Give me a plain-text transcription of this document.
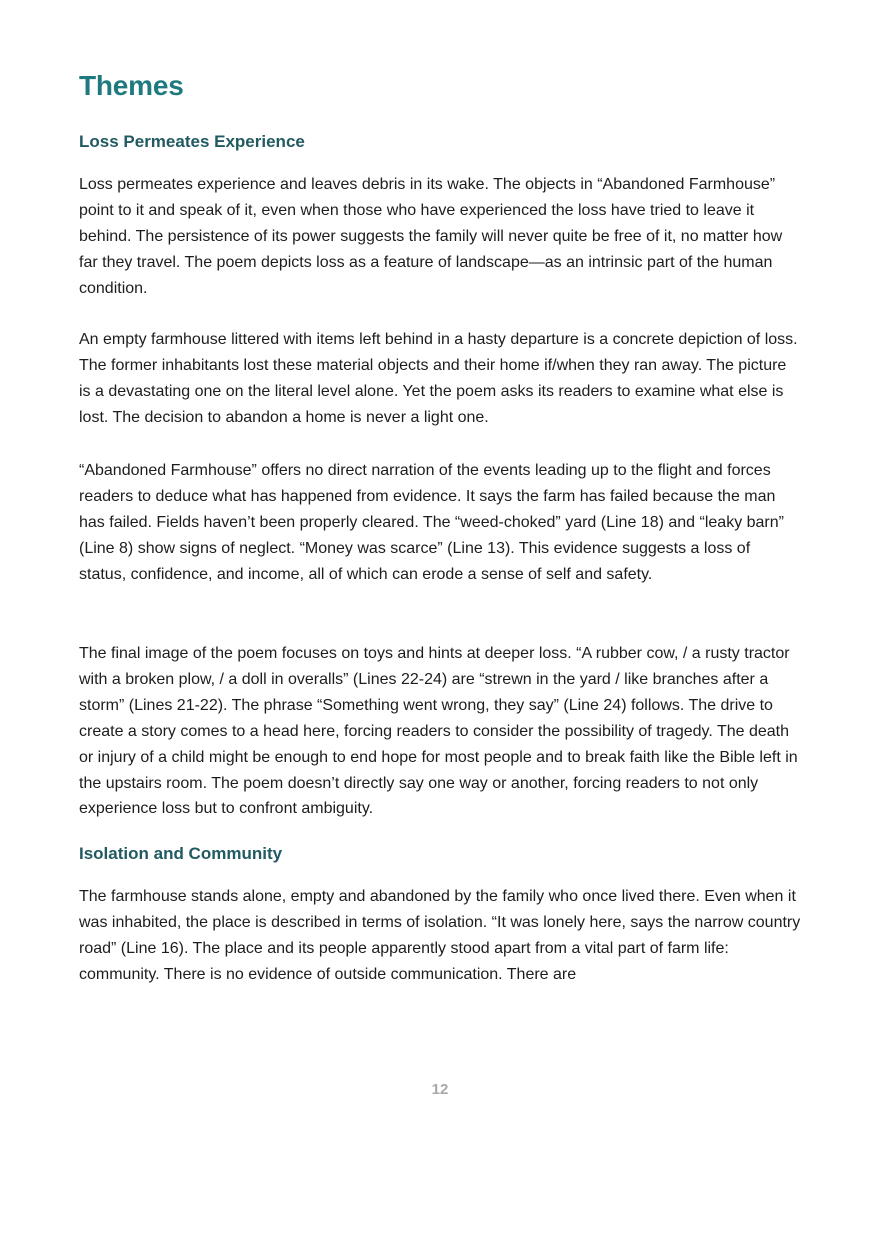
Themes
Loss Permeates Experience

Loss permeates experience and leaves debris in its wake. The objects in “Abandoned Farmhouse” point to it and speak of it, even when those who have experienced the loss have tried to leave it behind. The persistence of its power suggests the family will never quite be free of it, no matter how far they travel. The poem depicts loss as a feature of landscape—as an intrinsic part of the human condition.

An empty farmhouse littered with items left behind in a hasty departure is a concrete depiction of loss. The former inhabitants lost these material objects and their home if/when they ran away. The picture is a devastating one on the literal level alone. Yet the poem asks its readers to examine what else is lost. The decision to abandon a home is never a light one.

“Abandoned Farmhouse” offers no direct narration of the events leading up to the flight and forces readers to deduce what has happened from evidence. It says the farm has failed because the man has failed. Fields haven’t been properly cleared. The “weed-choked” yard (Line 18) and “leaky barn” (Line 8) show signs of neglect. “Money was scarce” (Line 13). This evidence suggests a loss of status, confidence, and income, all of which can erode a sense of self and safety.

The final image of the poem focuses on toys and hints at deeper loss. “A rubber cow, / a rusty tractor with a broken plow, / a doll in overalls” (Lines 22-24) are “strewn in the yard / like branches after a storm” (Lines 21-22). The phrase “Something went wrong, they say” (Line 24) follows. The drive to create a story comes to a head here, forcing readers to consider the possibility of tragedy. The death or injury of a child might be enough to end hope for most people and to break faith like the Bible left in the upstairs room. The poem doesn’t directly say one way or another, forcing readers to not only experience loss but to confront ambiguity.

Isolation and Community

The farmhouse stands alone, empty and abandoned by the family who once lived there. Even when it was inhabited, the place is described in terms of isolation. “It was lonely here, says the narrow country road” (Line 16). The place and its people apparently stood apart from a vital part of farm life: community. There is no evidence of outside communication. There are

12
